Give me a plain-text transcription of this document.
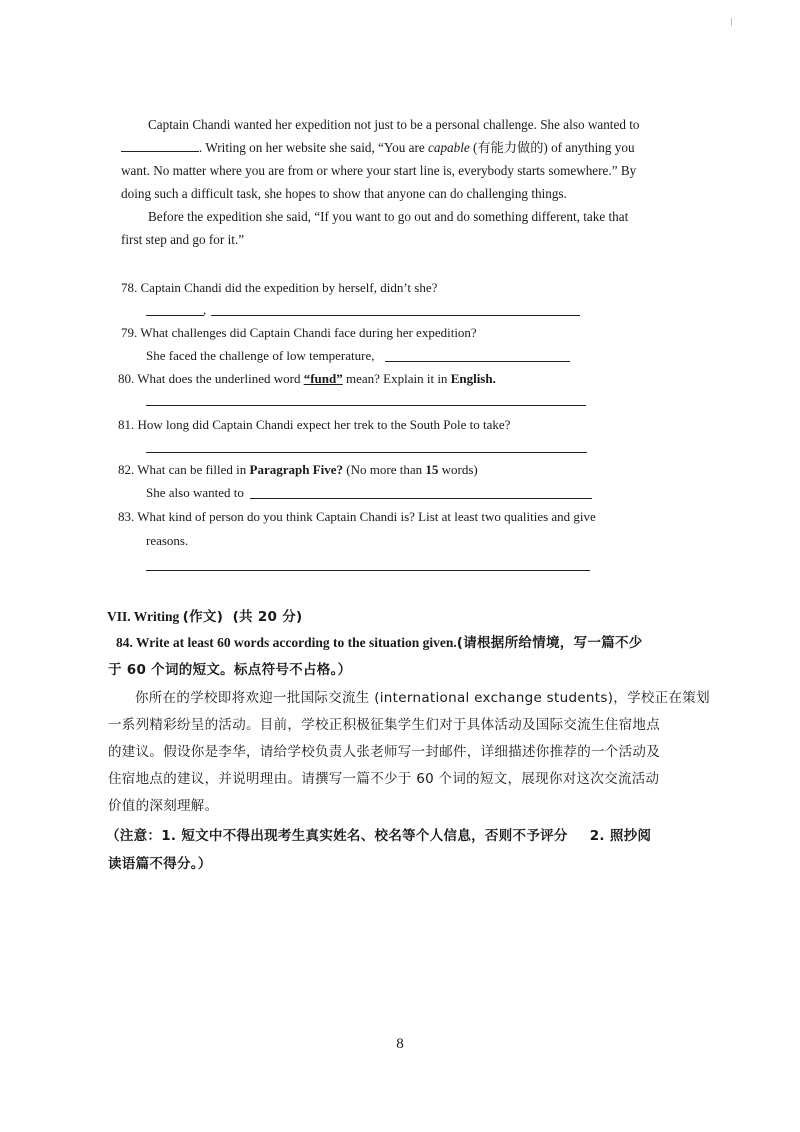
Captain Chandi wanted her expedition not just to be a personal challenge. She also wanted to
. Writing on her website she said, “You are capable (有能力做的) of anything you
want. No matter where you are from or where your start line is, everybody starts somewhere.” By
doing such a difficult task, she hopes to show that anyone can do challenging things.
Before the expedition she said, “If you want to go out and do something different, take that
first step and go for it.”
78. Captain Chandi did the expedition by herself, didn’t she?
,
79. What challenges did Captain Chandi face during her expedition?
She faced the challenge of low temperature,
80. What does the underlined word “fund” mean? Explain it in English.
81. How long did Captain Chandi expect her trek to the South Pole to take?
82. What can be filled in Paragraph Five? (No more than 15 words)
She also wanted to
83. What kind of person do you think Captain Chandi is? List at least two qualities and give
reasons.
VII. Writing (作文) (共 20 分)
84. Write at least 60 words according to the situation given.(请根据所给情境，写一篇不少
于 60 个词的短文。标点符号不占格。）
你所在的学校即将欢迎一批国际交流生 (international exchange students)，学校正在策划
一系列精彩纷呈的活动。目前，学校正积极征集学生们对于具体活动及国际交流生住宿地点
的建议。假设你是李华，请给学校负责人张老师写一封邮件，详细描述你推荐的一个活动及
住宿地点的建议，并说明理由。请撰写一篇不少于 60 个词的短文，展现你对这次交流活动
价值的深刻理解。
（注意：1. 短文中不得出现考生真实姓名、校名等个人信息，否则不予评分 2. 照抄阅
读语篇不得分。）
8
